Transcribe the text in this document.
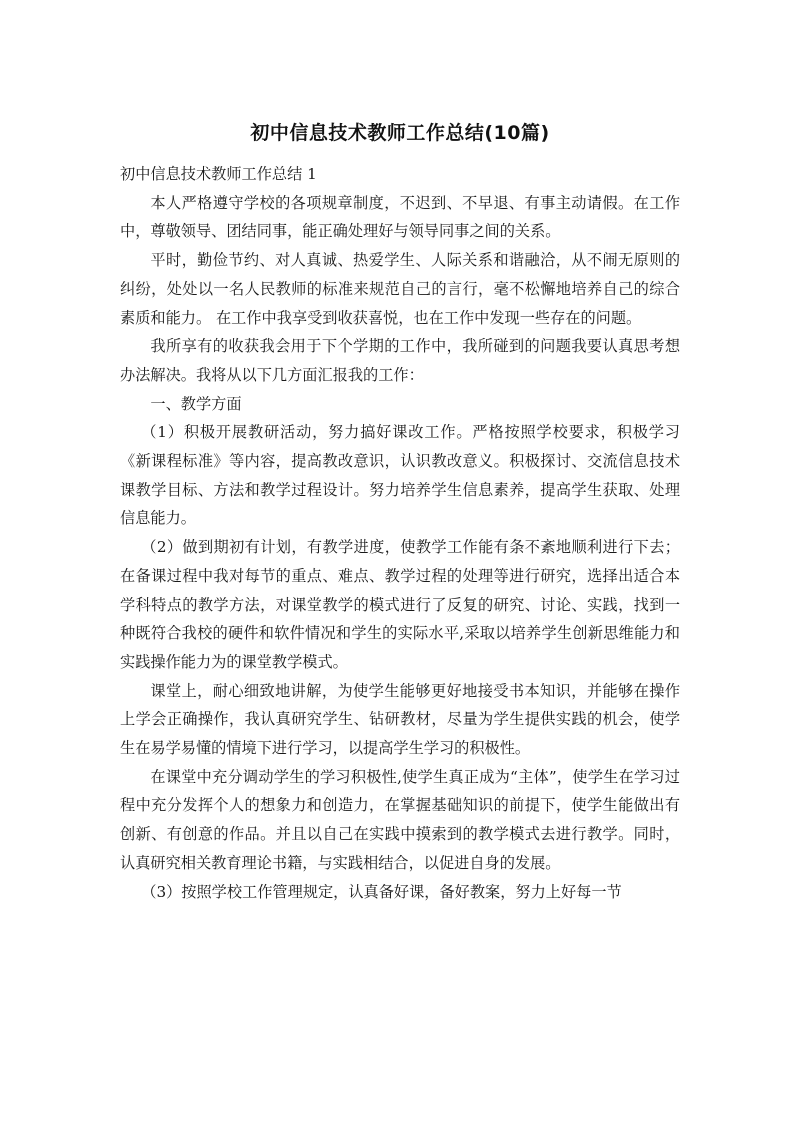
初中信息技术教师工作总结(10篇)

初中信息技术教师工作总结 1

本人严格遵守学校的各项规章制度，不迟到、不早退、有事主动请假。在工作中，尊敬领导、团结同事，能正确处理好与领导同事之间的关系。

平时，勤俭节约、对人真诚、热爱学生、人际关系和谐融洽，从不闹无原则的纠纷，处处以一名人民教师的标准来规范自己的言行，毫不松懈地培养自己的综合素质和能力。 在工作中我享受到收获喜悦，也在工作中发现一些存在的问题。

我所享有的收获我会用于下个学期的工作中，我所碰到的问题我要认真思考想办法解决。我将从以下几方面汇报我的工作：

一、教学方面

（1）积极开展教研活动，努力搞好课改工作。严格按照学校要求，积极学习《新课程标准》等内容，提高教改意识，认识教改意义。积极探讨、交流信息技术课教学目标、方法和教学过程设计。努力培养学生信息素养，提高学生获取、处理信息能力。

（2）做到期初有计划，有教学进度，使教学工作能有条不紊地顺利进行下去；在备课过程中我对每节的重点、难点、教学过程的处理等进行研究，选择出适合本学科特点的教学方法，对课堂教学的模式进行了反复的研究、讨论、实践，找到一种既符合我校的硬件和软件情况和学生的实际水平,采取以培养学生创新思维能力和实践操作能力为的课堂教学模式。

课堂上，耐心细致地讲解，为使学生能够更好地接受书本知识，并能够在操作上学会正确操作，我认真研究学生、钻研教材，尽量为学生提供实践的机会，使学生在易学易懂的情境下进行学习，以提高学生学习的积极性。

在课堂中充分调动学生的学习积极性,使学生真正成为“主体”，使学生在学习过程中充分发挥个人的想象力和创造力，在掌握基础知识的前提下，使学生能做出有创新、有创意的作品。并且以自己在实践中摸索到的教学模式去进行教学。同时，认真研究相关教育理论书籍，与实践相结合，以促进自身的发展。

（3）按照学校工作管理规定，认真备好课，备好教案，努力上好每一节
